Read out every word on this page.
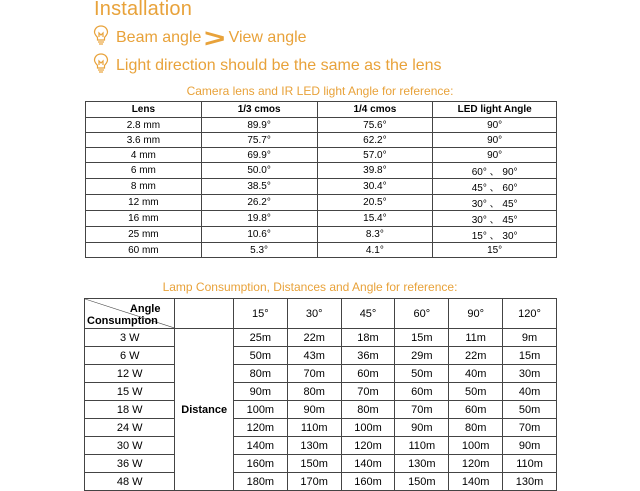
Installation
Beam angle > View angle
Light direction should be the same as the lens
Camera lens and IR LED light Angle for reference:
Lens	1/3 cmos	1/4 cmos	LED light Angle
2.8 mm	89.9°	75.6°	90°
3.6 mm	75.7°	62.2°	90°
4 mm	69.9°	57.0°	90°
6 mm	50.0°	39.8°	60° 、 90°
8 mm	38.5°	30.4°	45° 、 60°
12 mm	26.2°	20.5°	30° 、 45°
16 mm	19.8°	15.4°	30° 、 45°
25 mm	10.6°	8.3°	15° 、 30°
60 mm	5.3°	4.1°	15°
Lamp Consumption, Distances and Angle for reference:
Angle
Consumption		15°	30°	45°	60°	90°	120°
3 W	Distance	25m	22m	18m	15m	11m	9m
6 W		50m	43m	36m	29m	22m	15m
12 W		80m	70m	60m	50m	40m	30m
15 W		90m	80m	70m	60m	50m	40m
18 W		100m	90m	80m	70m	60m	50m
24 W		120m	110m	100m	90m	80m	70m
30 W		140m	130m	120m	110m	100m	90m
36 W		160m	150m	140m	130m	120m	110m
48 W		180m	170m	160m	150m	140m	130m
